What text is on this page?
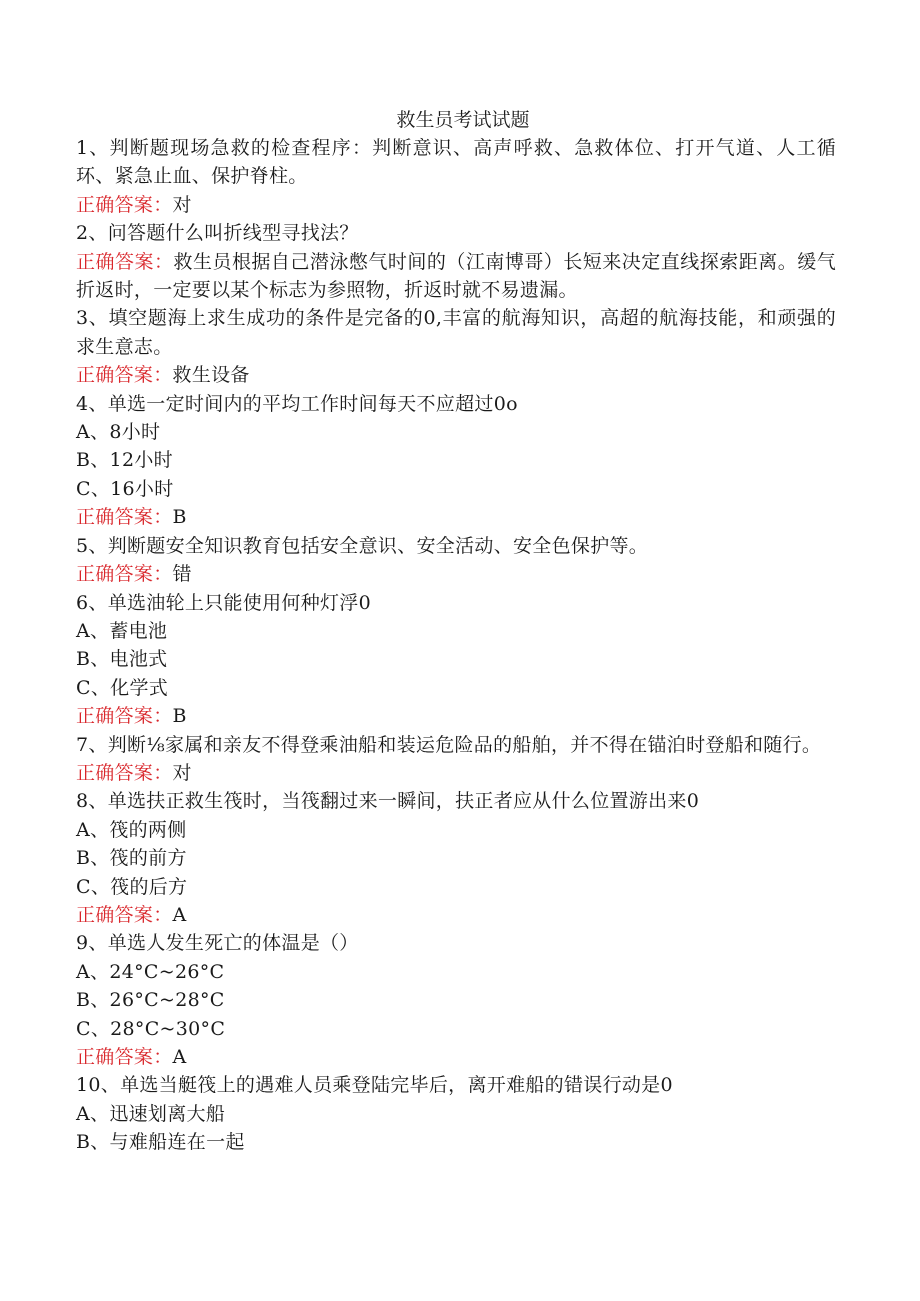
救生员考试试题
1、判断题现场急救的检查程序：判断意识、高声呼救、急救体位、打开气道、人工循环、紧急止血、保护脊柱。
正确答案：对
2、问答题什么叫折线型寻找法？
正确答案：救生员根据自己潜泳憋气时间的（江南博哥）长短来决定直线探索距离。缓气折返时，一定要以某个标志为参照物，折返时就不易遗漏。
3、填空题海上求生成功的条件是完备的0,丰富的航海知识，高超的航海技能，和顽强的求生意志。
正确答案：救生设备
4、单选一定时间内的平均工作时间每天不应超过0o
A、8小时
B、12小时
C、16小时
正确答案：B
5、判断题安全知识教育包括安全意识、安全活动、安全色保护等。
正确答案：错
6、单选油轮上只能使用何种灯浮0
A、蓄电池
B、电池式
C、化学式
正确答案：B
7、判断⅛家属和亲友不得登乘油船和装运危险品的船舶，并不得在锚泊时登船和随行。
正确答案：对
8、单选扶正救生筏时，当筏翻过来一瞬间，扶正者应从什么位置游出来0
A、筏的两侧
B、筏的前方
C、筏的后方
正确答案：A
9、单选人发生死亡的体温是（）
A、24°C~26°C
B、26°C~28°C
C、28°C~30°C
正确答案：A
10、单选当艇筏上的遇难人员乘登陆完毕后，离开难船的错误行动是0
A、迅速划离大船
B、与难船连在一起
